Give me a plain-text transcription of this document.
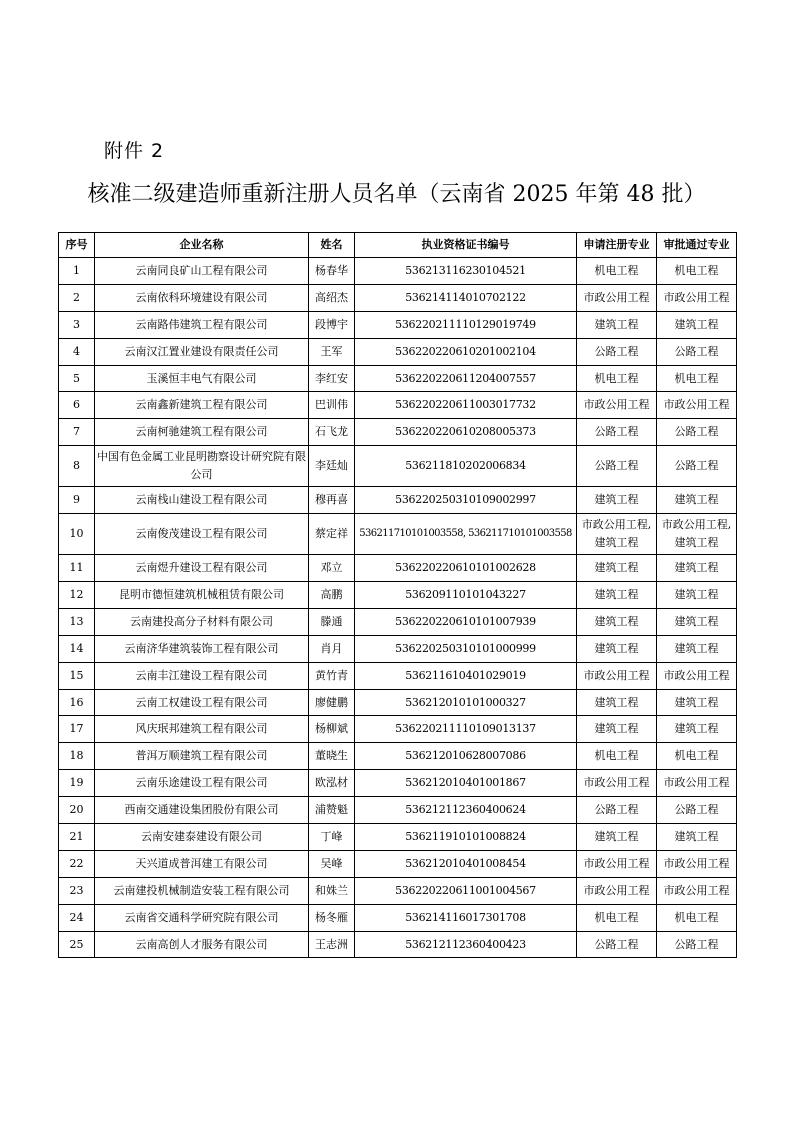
附件 2
核准二级建造师重新注册人员名单（云南省 2025 年第 48 批）
序号	企业名称	姓名	执业资格证书编号	申请注册专业	审批通过专业
1	云南同良矿山工程有限公司	杨春华	536213116230104521	机电工程	机电工程
2	云南依科环境建设有限公司	高绍杰	536214114010702122	市政公用工程	市政公用工程
3	云南路伟建筑工程有限公司	段博宇	536220211110129019749	建筑工程	建筑工程
4	云南汉江置业建设有限责任公司	王军	536220220610201002104	公路工程	公路工程
5	玉溪恒丰电气有限公司	李红安	536220220611204007557	机电工程	机电工程
6	云南鑫新建筑工程有限公司	巴训伟	536220220611003017732	市政公用工程	市政公用工程
7	云南柯驰建筑工程有限公司	石飞龙	536220220610208005373	公路工程	公路工程
8	中国有色金属工业昆明勘察设计研究院有限公司	李廷灿	536211810202006834	公路工程	公路工程
9	云南栈山建设工程有限公司	穆再喜	536220250310109002997	建筑工程	建筑工程
10	云南俊茂建设工程有限公司	蔡定祥	536211710101003558, 536211710101003558	市政公用工程, 建筑工程	市政公用工程, 建筑工程
11	云南煜升建设工程有限公司	邓立	536220220610101002628	建筑工程	建筑工程
12	昆明市德恒建筑机械租赁有限公司	高鹏	536209110101043227	建筑工程	建筑工程
13	云南建投高分子材料有限公司	滕通	536220220610101007939	建筑工程	建筑工程
14	云南济华建筑装饰工程有限公司	肖月	536220250310101000999	建筑工程	建筑工程
15	云南丰江建设工程有限公司	黄竹青	536211610401029019	市政公用工程	市政公用工程
16	云南工权建设工程有限公司	廖健鹏	536212010101000327	建筑工程	建筑工程
17	风庆珉邦建筑工程有限公司	杨柳斌	536220211110109013137	建筑工程	建筑工程
18	普洱万顺建筑工程有限公司	董晓生	536212010628007086	机电工程	机电工程
19	云南乐途建设工程有限公司	欧泓材	536212010401001867	市政公用工程	市政公用工程
20	西南交通建设集团股份有限公司	浦赞魁	536212112360400624	公路工程	公路工程
21	云南安建泰建设有限公司	丁峰	536211910101008824	建筑工程	建筑工程
22	天兴道成普洱建工有限公司	吴峰	536212010401008454	市政公用工程	市政公用工程
23	云南建投机械制造安装工程有限公司	和姝兰	536220220611001004567	市政公用工程	市政公用工程
24	云南省交通科学研究院有限公司	杨冬雁	536214116017301708	机电工程	机电工程
25	云南高创人才服务有限公司	王志洲	536212112360400423	公路工程	公路工程
